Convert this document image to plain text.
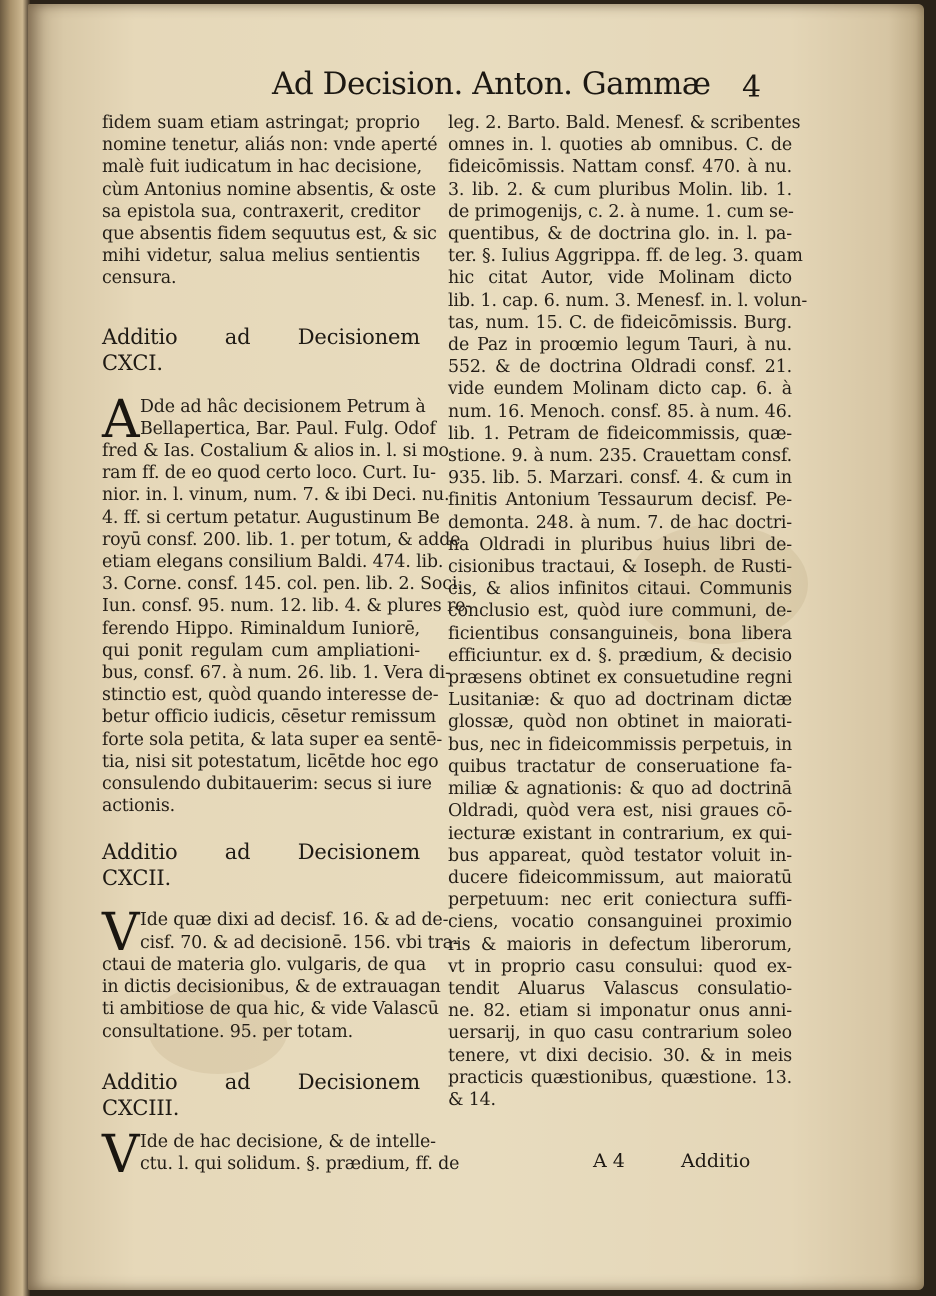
Ad Decision. Anton. Gammæ 4

fidem suam etiam astringat; proprio

nomine tenetur, aliás non: vnde aperté

malè fuit iudicatum in hac decisione,

cùm Antonius nomine absentis, & oste

sa epistola sua, contraxerit, creditor

que absentis fidem sequutus est, & sic

mihi videtur, salua melius sentientis

censura.

Additio ad Decisionem

CXCI.

A Dde ad hâc decisionem Petrum à

Bellapertica, Bar. Paul. Fulg. Odof

fred & Ias. Costalium & alios in. l. si mo

ram ff. de eo quod certo loco. Curt. Iu-

nior. in. l. vinum, num. 7. & ibi Deci. nu.

4. ff. si certum petatur. Augustinum Be

royū consf. 200. lib. 1. per totum, & adde

etiam elegans consilium Baldi. 474. lib.

3. Corne. consf. 145. col. pen. lib. 2. Soci.

Iun. consf. 95. num. 12. lib. 4. & plures re-

ferendo Hippo. Riminaldum Iuniorē,

qui ponit regulam cum ampliationi-

bus, consf. 67. à num. 26. lib. 1. Vera di-

stinctio est, quòd quando interesse de-

betur officio iudicis, cēsetur remissum

forte sola petita, & lata super ea sentē-

tia, nisi sit potestatum, licētde hoc ego

consulendo dubitauerim: secus si iure

actionis.

Additio ad Decisionem

CXCII.

V Ide quæ dixi ad decisf. 16. & ad de-

cisf. 70. & ad decisionē. 156. vbi tra-

ctaui de materia glo. vulgaris, de qua

in dictis decisionibus, & de extrauagan

ti ambitiose de qua hic, & vide Valascū

consultatione. 95. per totam.

Additio ad Decisionem

CXCIII.

V Ide de hac decisione, & de intelle-

ctu. l. qui solidum. §. prædium, ff. de

leg. 2. Barto. Bald. Menesf. & scribentes

omnes in. l. quoties ab omnibus. C. de

fideicōmissis. Nattam consf. 470. à nu.

3. lib. 2. & cum pluribus Molin. lib. 1.

de primogenijs, c. 2. à nume. 1. cum se-

quentibus, & de doctrina glo. in. l. pa-

ter. §. Iulius Aggrippa. ff. de leg. 3. quam

hic citat Autor, vide Molinam dicto

lib. 1. cap. 6. num. 3. Menesf. in. l. volun-

tas, num. 15. C. de fideicōmissis. Burg.

de Paz in proœmio legum Tauri, à nu.

552. & de doctrina Oldradi consf. 21.

vide eundem Molinam dicto cap. 6. à

num. 16. Menoch. consf. 85. à num. 46.

lib. 1. Petram de fideicommissis, quæ-

stione. 9. à num. 235. Crauettam consf.

935. lib. 5. Marzari. consf. 4. & cum in

finitis Antonium Tessaurum decisf. Pe-

demonta. 248. à num. 7. de hac doctri-

na Oldradi in pluribus huius libri de-

cisionibus tractaui, & Ioseph. de Rusti-

cis, & alios infinitos citaui. Communis

conclusio est, quòd iure communi, de-

ficientibus consanguineis, bona libera

efficiuntur. ex d. §. prædium, & decisio

præsens obtinet ex consuetudine regni

Lusitaniæ: & quo ad doctrinam dictæ

glossæ, quòd non obtinet in maiorati-

bus, nec in fideicommissis perpetuis, in

quibus tractatur de conseruatione fa-

miliæ & agnationis: & quo ad doctrinā

Oldradi, quòd vera est, nisi graues cō-

iecturæ existant in contrarium, ex qui-

bus appareat, quòd testator voluit in-

ducere fideicommissum, aut maioratū

perpetuum: nec erit coniectura suffi-

ciens, vocatio consanguinei proximio

ris & maioris in defectum liberorum,

vt in proprio casu consului: quod ex-

tendit Aluarus Valascus consulatio-

ne. 82. etiam si imponatur onus anni-

uersarij, in quo casu contrarium soleo

tenere, vt dixi decisio. 30. & in meis

practicis quæstionibus, quæstione. 13.

& 14.

A 4	Additio
